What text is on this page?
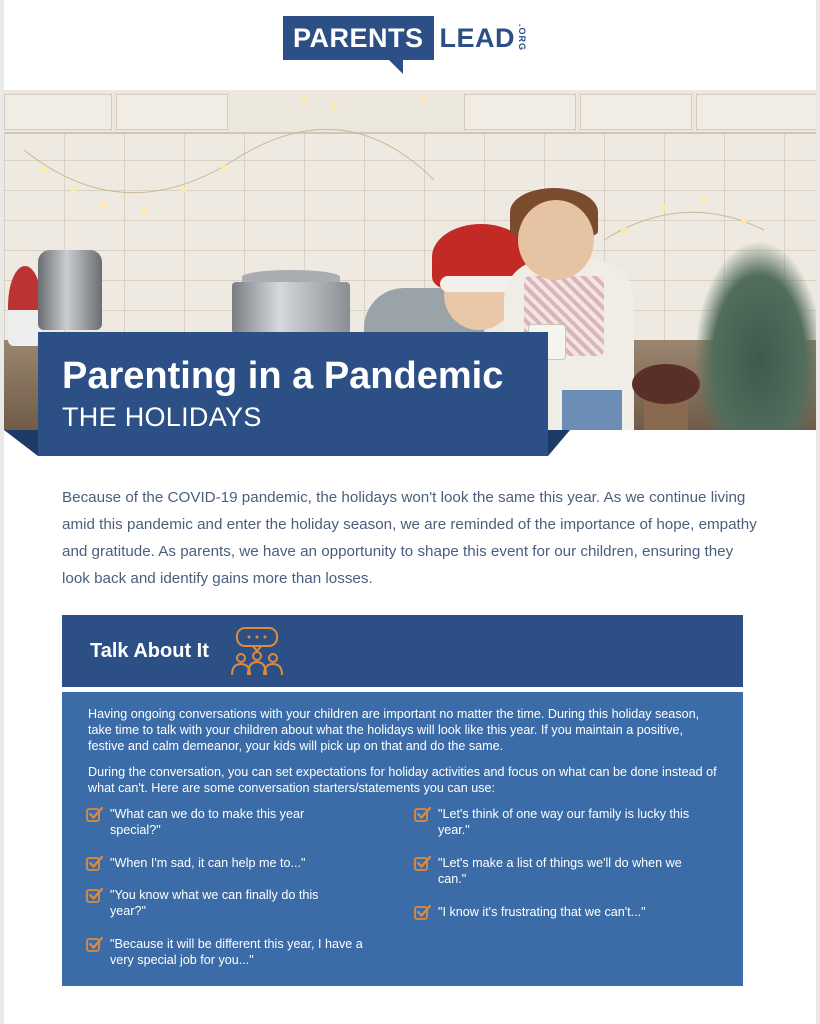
PARENTS LEAD .ORG
Parenting in a Pandemic
THE HOLIDAYS

Because of the COVID-19 pandemic, the holidays won't look the same this year. As we continue living amid this pandemic and enter the holiday season, we are reminded of the importance of hope, empathy and gratitude. As parents, we have an opportunity to shape this event for our children, ensuring they look back and identify gains more than losses.

Talk About It

Having ongoing conversations with your children are important no matter the time. During this holiday season, take time to talk with your children about what the holidays will look like this year. If you maintain a positive, festive and calm demeanor, your kids will pick up on that and do the same.

During the conversation, you can set expectations for holiday activities and focus on what can be done instead of what can't. Here are some conversation starters/statements you can use:

"What can we do to make this year special?"
"When I'm sad, it can help me to..."
"You know what we can finally do this year?"
"Because it will be different this year, I have a very special job for you..."
"Let's think of one way our family is lucky this year."
"Let's make a list of things we'll do when we can."
"I know it's frustrating that we can't..."
